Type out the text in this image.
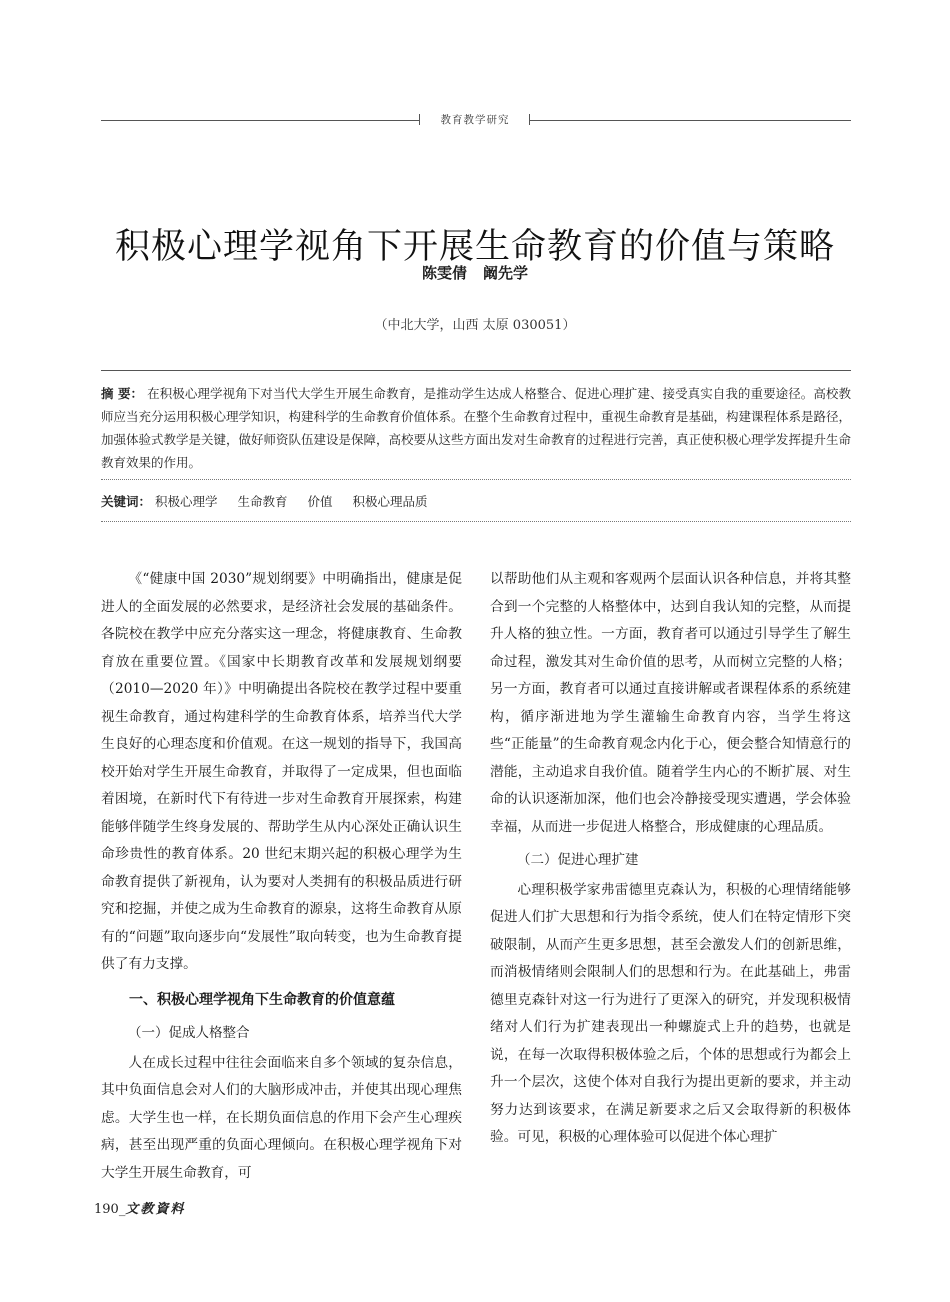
教育教学研究
积极心理学视角下开展生命教育的价值与策略
陈雯倩 阚先学
（中北大学，山西 太原 030051）
摘 要： 在积极心理学视角下对当代大学生开展生命教育，是推动学生达成人格整合、促进心理扩建、接受真实自我的重要途径。高校教师应当充分运用积极心理学知识，构建科学的生命教育价值体系。在整个生命教育过程中，重视生命教育是基础，构建课程体系是路径，加强体验式教学是关键，做好师资队伍建设是保障，高校要从这些方面出发对生命教育的过程进行完善，真正使积极心理学发挥提升生命教育效果的作用。
关键词： 积极心理学 生命教育 价值 积极心理品质

《“健康中国 2030”规划纲要》中明确指出，健康是促进人的全面发展的必然要求，是经济社会发展的基础条件。各院校在教学中应充分落实这一理念，将健康教育、生命教育放在重要位置。《国家中长期教育改革和发展规划纲要（2010—2020 年）》中明确提出各院校在教学过程中要重视生命教育，通过构建科学的生命教育体系，培养当代大学生良好的心理态度和价值观。在这一规划的指导下，我国高校开始对学生开展生命教育，并取得了一定成果，但也面临着困境，在新时代下有待进一步对生命教育开展探索，构建能够伴随学生终身发展的、帮助学生从内心深处正确认识生命珍贵性的教育体系。20 世纪末期兴起的积极心理学为生命教育提供了新视角，认为要对人类拥有的积极品质进行研究和挖掘，并使之成为生命教育的源泉，这将生命教育从原有的“问题”取向逐步向“发展性”取向转变，也为生命教育提供了有力支撑。

一、积极心理学视角下生命教育的价值意蕴
（一）促成人格整合

人在成长过程中往往会面临来自多个领域的复杂信息，其中负面信息会对人们的大脑形成冲击，并使其出现心理焦虑。大学生也一样，在长期负面信息的作用下会产生心理疾病，甚至出现严重的负面心理倾向。在积极心理学视角下对大学生开展生命教育，可

以帮助他们从主观和客观两个层面认识各种信息，并将其整合到一个完整的人格整体中，达到自我认知的完整，从而提升人格的独立性。一方面，教育者可以通过引导学生了解生命过程，激发其对生命价值的思考，从而树立完整的人格；另一方面，教育者可以通过直接讲解或者课程体系的系统建构，循序渐进地为学生灌输生命教育内容，当学生将这些“正能量”的生命教育观念内化于心，便会整合知情意行的潜能，主动追求自我价值。随着学生内心的不断扩展、对生命的认识逐渐加深，他们也会冷静接受现实遭遇，学会体验幸福，从而进一步促进人格整合，形成健康的心理品质。

（二）促进心理扩建

心理积极学家弗雷德里克森认为，积极的心理情绪能够促进人们扩大思想和行为指令系统，使人们在特定情形下突破限制，从而产生更多思想，甚至会激发人们的创新思维，而消极情绪则会限制人们的思想和行为。在此基础上，弗雷德里克森针对这一行为进行了更深入的研究，并发现积极情绪对人们行为扩建表现出一种螺旋式上升的趋势，也就是说，在每一次取得积极体验之后，个体的思想或行为都会上升一个层次，这使个体对自我行为提出更新的要求，并主动努力达到该要求，在满足新要求之后又会取得新的积极体验。可见，积极的心理体验可以促进个体心理扩

190_文教資料
